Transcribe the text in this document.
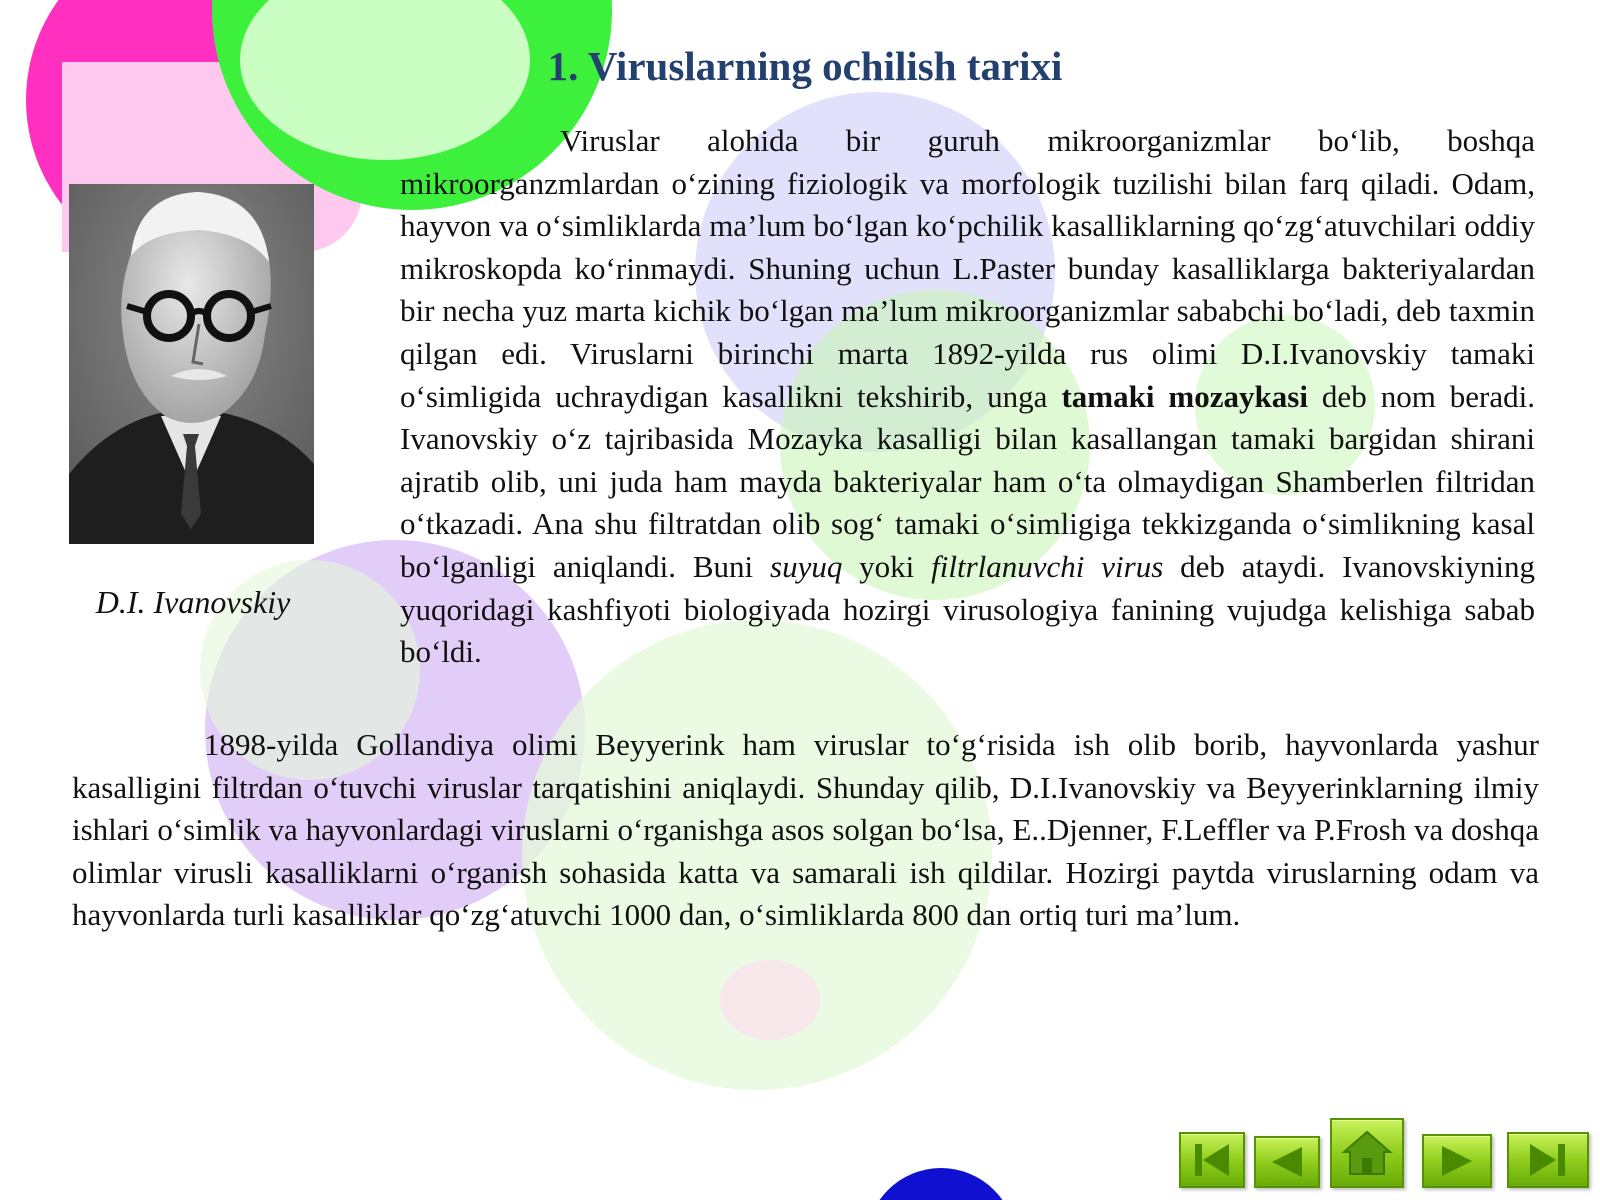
1. Viruslarning ochilish tarixi
D.I. Ivanovskiy

Viruslar alohida bir guruh mikroorganizmlar bo‘lib, boshqa mikroorganzmlardan o‘zining fiziologik va morfologik tuzilishi bilan farq qiladi. Odam, hayvon va o‘simliklarda ma’lum bo‘lgan ko‘pchilik kasalliklarning qo‘zg‘atuvchilari oddiy mikroskopda ko‘rinmaydi. Shuning uchun L.Paster bunday kasalliklarga bakteriyalardan bir necha yuz marta kichik bo‘lgan ma’lum mikroorganizmlar sababchi bo‘ladi, deb taxmin qilgan edi. Viruslarni birinchi marta 1892-yilda rus olimi D.I.Ivanovskiy tamaki o‘simligida uchraydigan kasallikni tekshirib, unga tamaki mozaykasi deb nom beradi. Ivanovskiy o‘z tajribasida Mozayka kasalligi bilan kasallangan tamaki bargidan shirani ajratib olib, uni juda ham mayda bakteriyalar ham o‘ta olmaydigan Shamberlen filtridan o‘tkazadi. Ana shu filtratdan olib sog‘ tamaki o‘simligiga tekkizganda o‘simlikning kasal bo‘lganligi aniqlandi. Buni suyuq yoki filtrlanuvchi virus deb ataydi. Ivanovskiyning yuqoridagi kashfiyoti biologiyada hozirgi virusologiya fanining vujudga kelishiga sabab bo‘ldi.

1898-yilda Gollandiya olimi Beyyerink ham viruslar to‘g‘risida ish olib borib, hayvonlarda yashur kasalligini filtrdan o‘tuvchi viruslar tarqatishini aniqlaydi. Shunday qilib, D.I.Ivanovskiy va Beyyerinklarning ilmiy ishlari o‘simlik va hayvonlardagi viruslarni o‘rganishga asos solgan bo‘lsa, E..Djenner, F.Leffler va P.Frosh va doshqa olimlar virusli kasalliklarni o‘rganish sohasida katta va samarali ish qildilar. Hozirgi paytda viruslarning odam va hayvonlarda turli kasalliklar qo‘zg‘atuvchi 1000 dan, o‘simliklarda 800 dan ortiq turi ma’lum.
